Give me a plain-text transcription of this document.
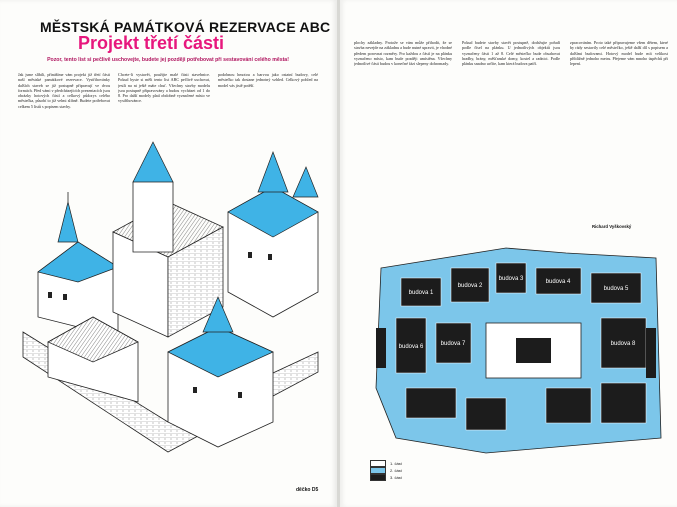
MĚSTSKÁ PAMÁTKOVÁ REZERVACE ABC
Projekt třetí části
Pozor, tento list si pečlivě uschovejte, budete jej později potřebovat při sestavování celého města!
Jak jsme slíbili, přinášíme vám projekt již třetí části naší městské památkové rezervace. Vystřihovánky dalších staveb se již postupně připravují ve dvou formách. Před vámi v předcházejících prezentacích jsou obrázky hotových částí a celkový půdorys celého městečka, působí to již velmi slibně. Budete potřebovat celkem 5 listů s popisem stavby.
Chcete-li vystavět, použijte malé části stavebnice. Pokud byste si měli tento list ABC pečlivě uschovat, jestli na ni ještě máte chuť. Všechny stavby modelu jsou postupně připravovány a budou vycházet od 1 do 8. Pro další modely platí obdobně vyznačené místo ve vystřihovánce.
podobnou hmotou a barvou jako ostatní budovy, celé městečko tak dostane jednotný vzhled. Celkový pohled na model vás jistě potěší.
děčko D5
plochy základny. Protože se vám může přihodit, že se stavba nevejde na základnu a bude nutné upravit, je vhodné předem porovnat rozměry. Pro každou z částí je na plánku vyznačeno místo, kam bude později umístěna. Všechny jednotlivé části budou v konečné fázi slepeny dohromady.
Pokud budete stavby stavět postupně, dodržujte pořadí podle čísel na plánku. U jednotlivých objektů jsou vyznačeny části 1 až 8. Celé městečko bude obsahovat hradby, brány, měšťanské domy, kostel a radnici. Podle plánku snadno určíte, kam která budova patří.
zpracováním. Proto také připravujeme všem dětem, které by rády sestavily celé městečko, ještě další díl s popisem a dalšími budovami. Hotový model bude mít velikost přibližně jednoho metru. Přejeme vám mnoho úspěchů při lepení.
budova 1
budova 2
budova 3	budova 4
budova 5
budova 6	budova 7	budova 8
1. část
2. část
3. část
Richard Vyškovský
